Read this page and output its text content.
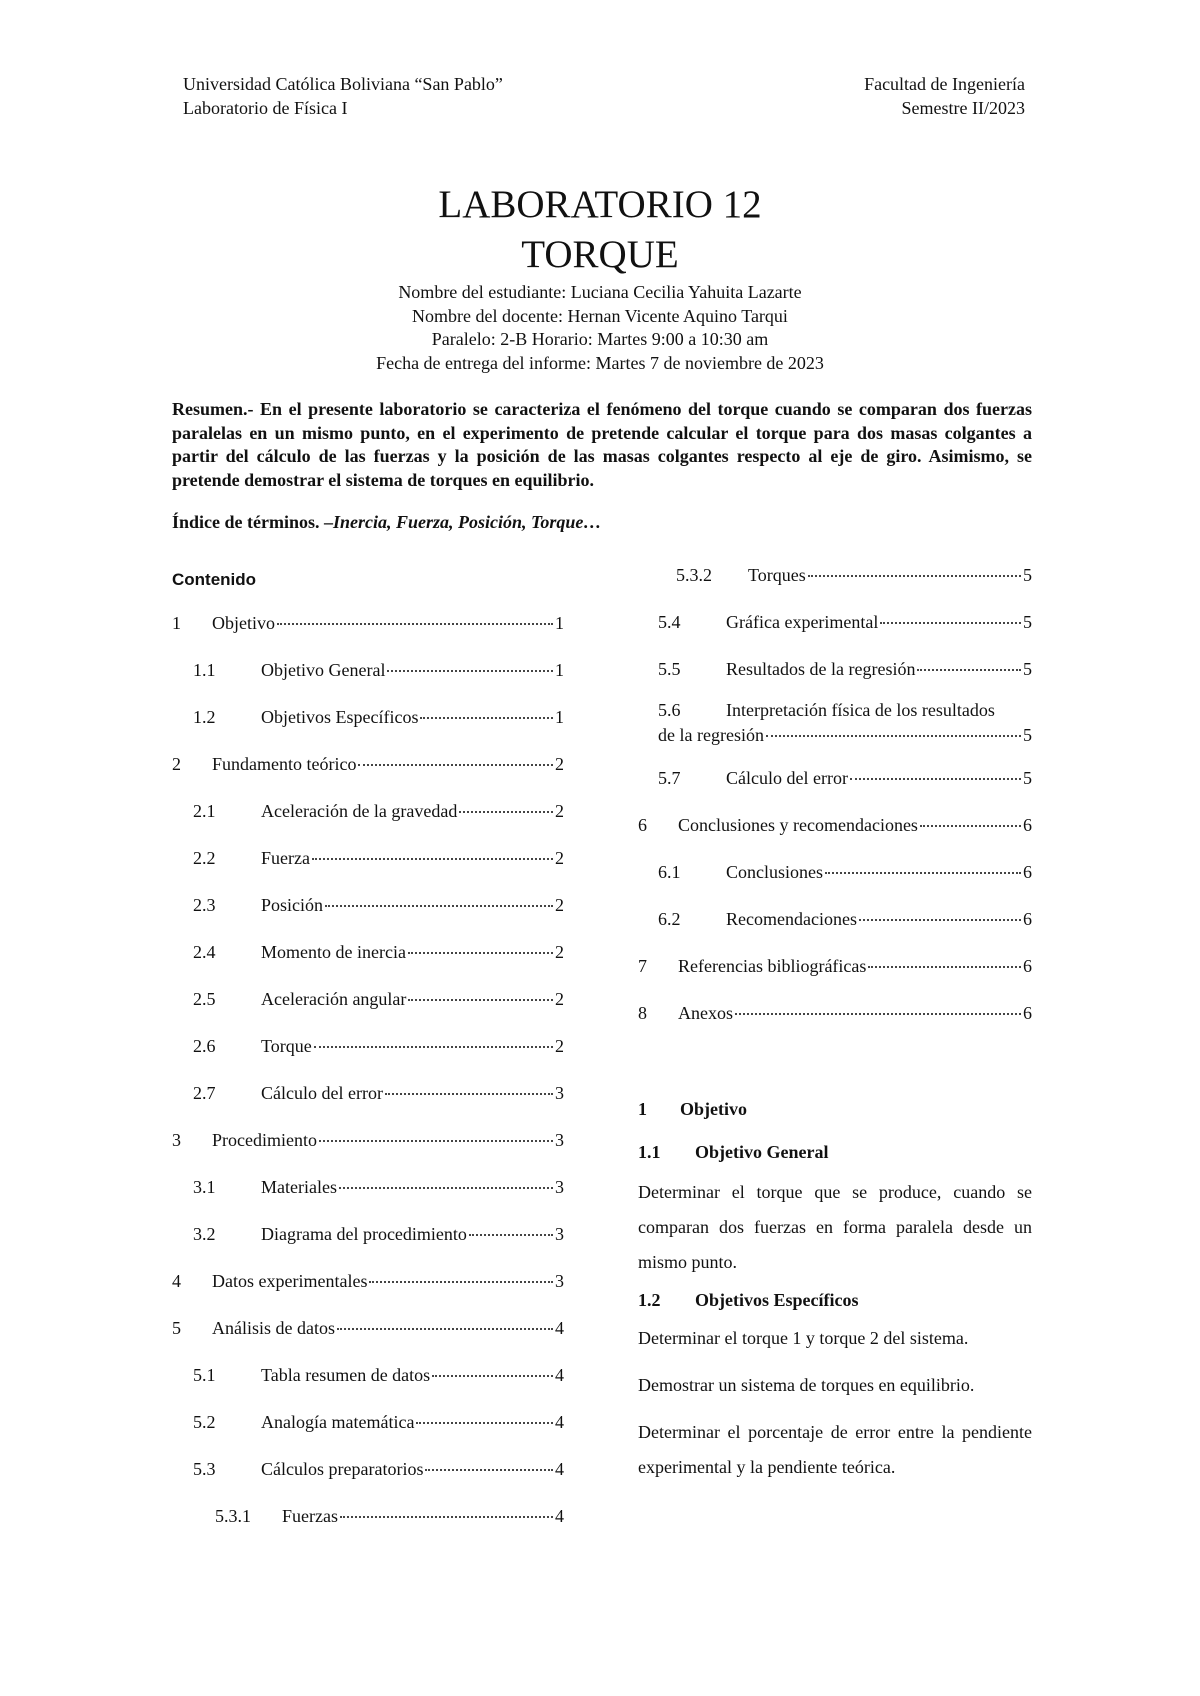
Universidad Católica Boliviana “San Pablo”
Laboratorio de Física I
Facultad de Ingeniería
Semestre II/2023
LABORATORIO 12
TORQUE
Nombre del estudiante: Luciana Cecilia Yahuita Lazarte
Nombre del docente: Hernan Vicente Aquino Tarqui
Paralelo: 2-B Horario: Martes 9:00 a 10:30 am
Fecha de entrega del informe: Martes 7 de noviembre de 2023
Resumen.- En el presente laboratorio se caracteriza el fenómeno del torque cuando se comparan dos fuerzas paralelas en un mismo punto, en el experimento de pretende calcular el torque para dos masas colgantes a partir del cálculo de las fuerzas y la posición de las masas colgantes respecto al eje de giro. Asimismo, se pretende demostrar el sistema de torques en equilibrio.
Índice de términos. –Inercia, Fuerza, Posición, Torque…
Contenido
1	Objetivo	1
1.1	Objetivo General	1
1.2	Objetivos Específicos	1
2	Fundamento teórico	2
2.1	Aceleración de la gravedad	2
2.2	Fuerza	2
2.3	Posición	2
2.4	Momento de inercia	2
2.5	Aceleración angular	2
2.6	Torque	2
2.7	Cálculo del error	3
3	Procedimiento	3
3.1	Materiales	3
3.2	Diagrama del procedimiento	3
4	Datos experimentales	3
5	Análisis de datos	4
5.1	Tabla resumen de datos	4
5.2	Analogía matemática	4
5.3	Cálculos preparatorios	4
5.3.1	Fuerzas	4
5.3.2	Torques	5
5.4	Gráfica experimental	5
5.5	Resultados de la regresión	5
5.6	Interpretación física de los resultados
de la regresión	5
5.7	Cálculo del error	5
6	Conclusiones y recomendaciones	6
6.1	Conclusiones	6
6.2	Recomendaciones	6
7	Referencias bibliográficas	6
8	Anexos	6
1	Objetivo
1.1	Objetivo General

Determinar el torque que se produce, cuando se comparan dos fuerzas en forma paralela desde un mismo punto.

1.2	Objetivos Específicos

Determinar el torque 1 y torque 2 del sistema.

Demostrar un sistema de torques en equilibrio.

Determinar el porcentaje de error entre la pendiente experimental y la pendiente teórica.
